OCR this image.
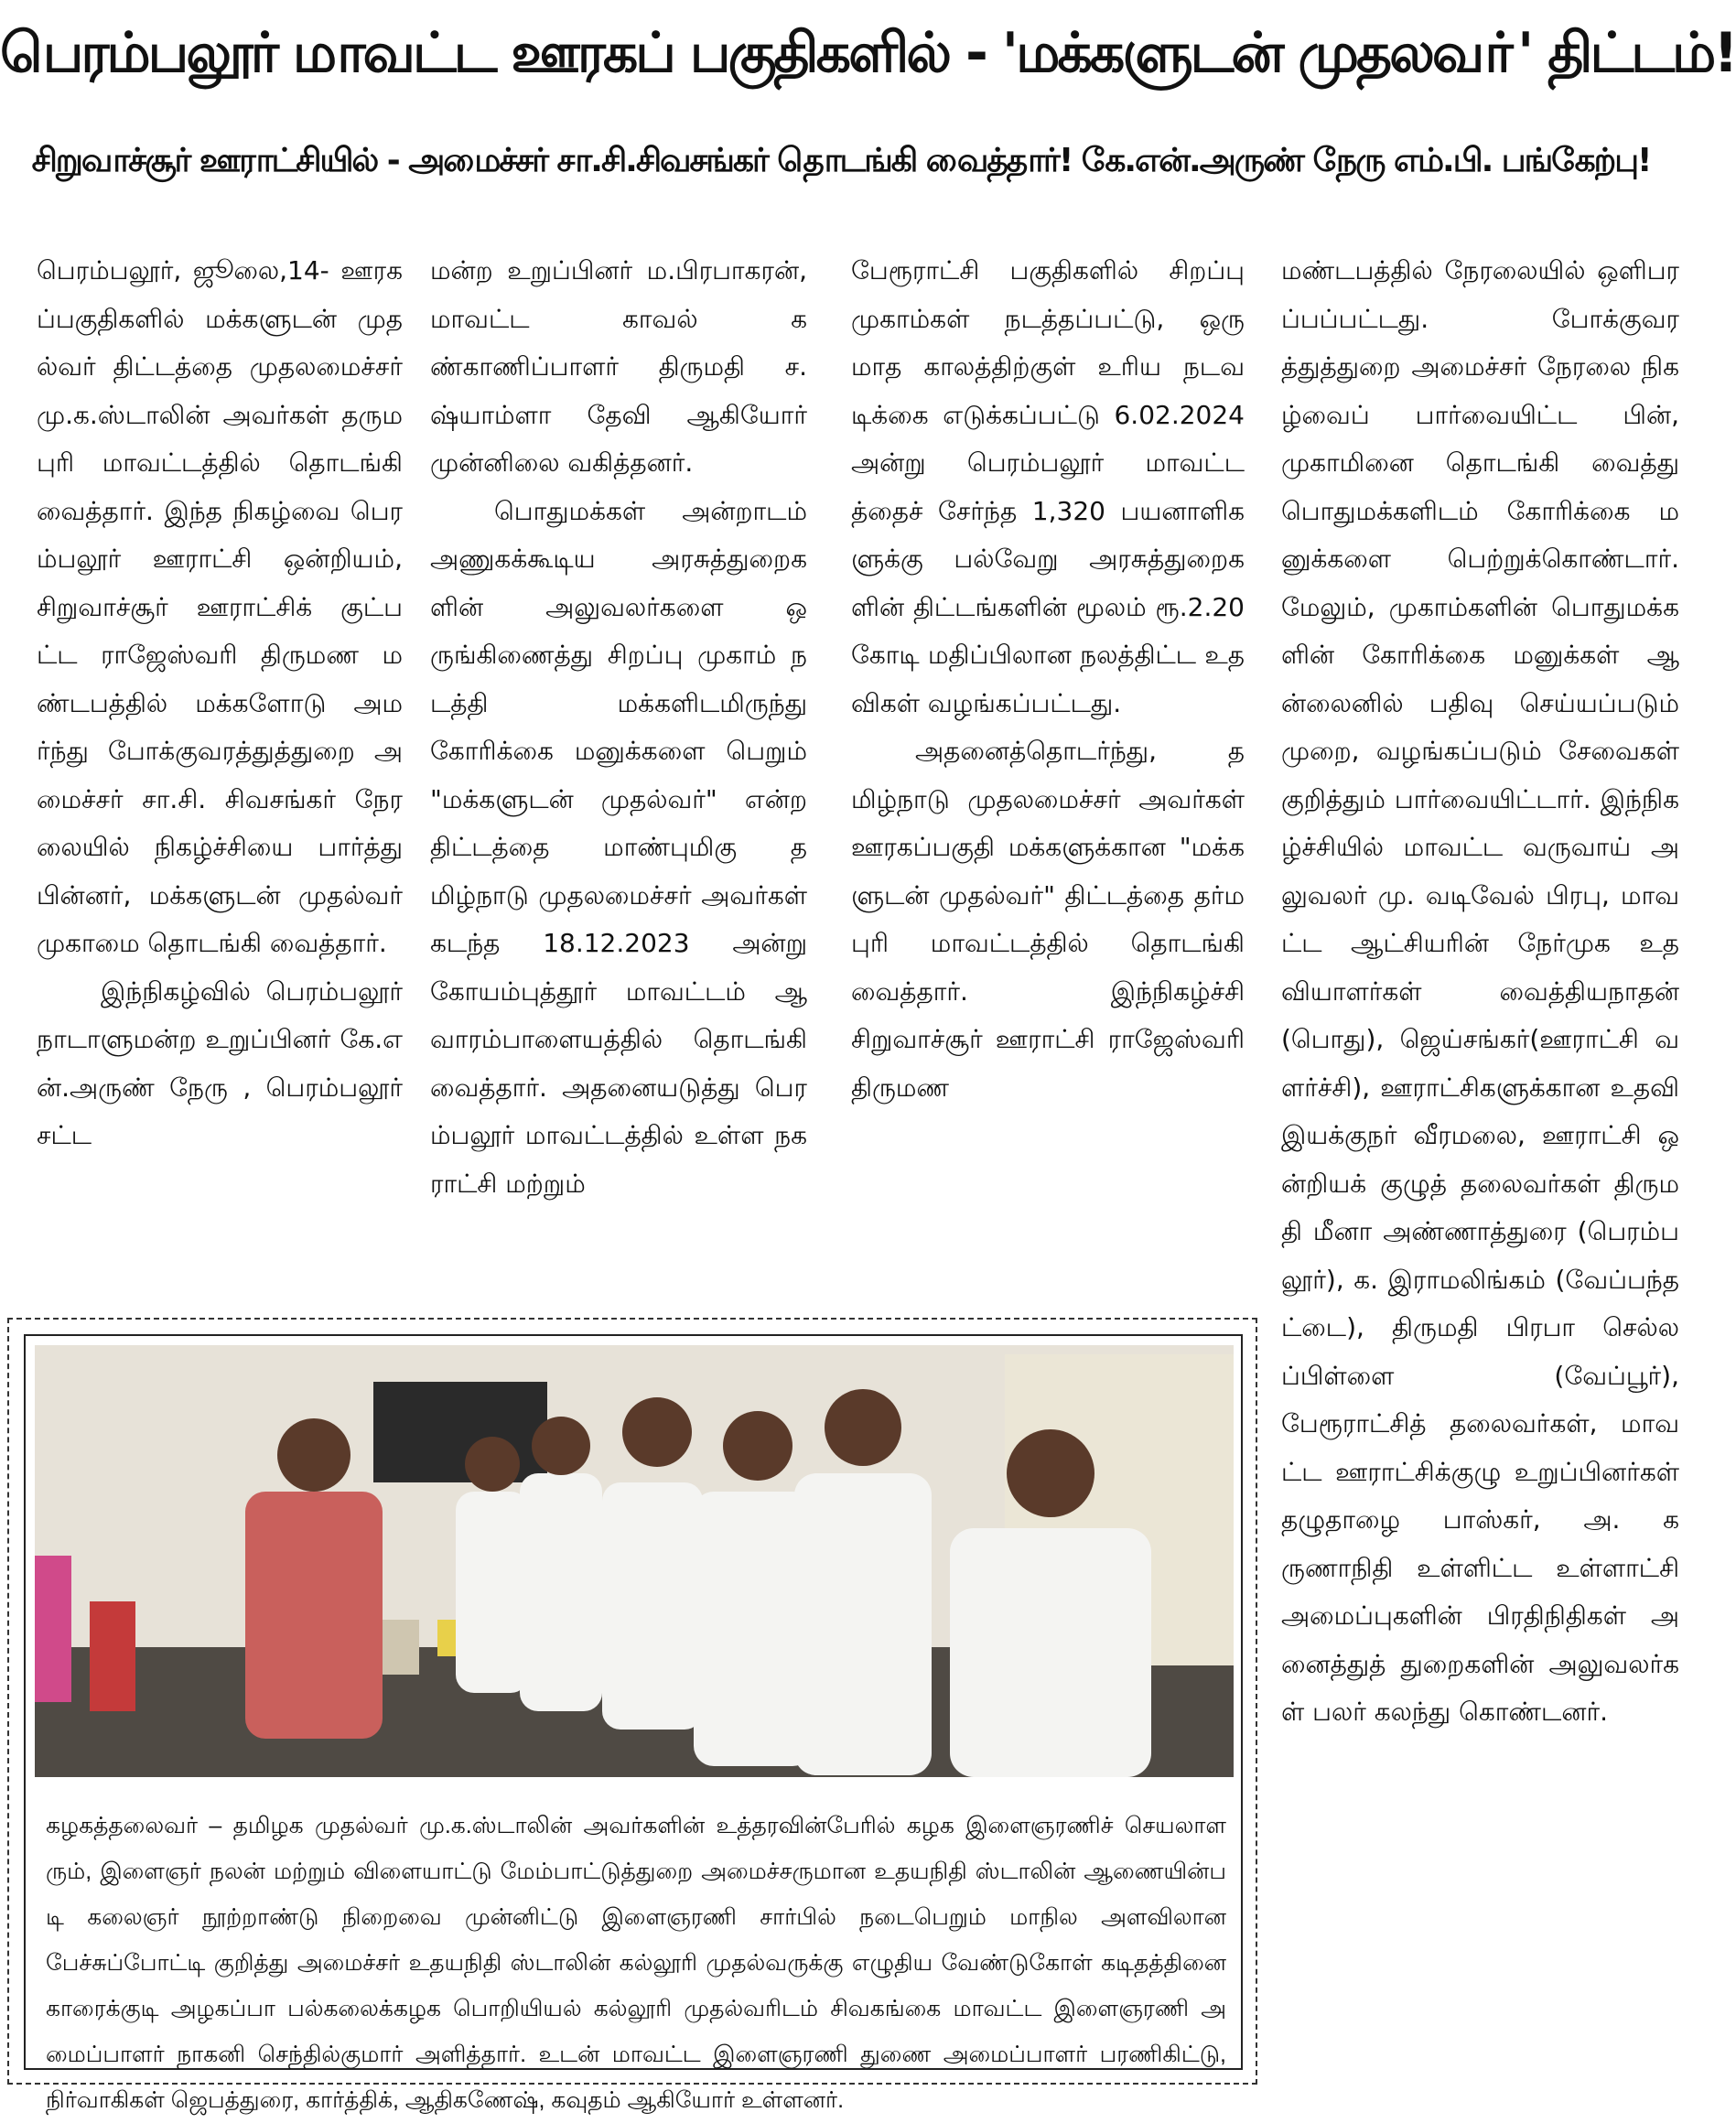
பெரம்பலூர் மாவட்ட ஊரகப் பகுதிகளில் - 'மக்களுடன் முதலவா்' திட்டம்!
சிறுவாச்சூர் ஊராட்சியில் - அமைச்சர் சா.சி.சிவசங்கர் தொடங்கி வைத்தார்! கே.என்.அருண் நேரு எம்.பி. பங்கேற்பு!

பெரம்பலூர், ஜூலை,14- ஊரகப்பகுதிகளில் மக்களுடன் முதல்வர் திட்டத்தை முதலமைச்சர் மு.க.ஸ்டாலின் அவர்கள் தருமபுரி மாவட்டத்தில் தொடங்கி வைத்தார். இந்த நிகழ்வை பெரம்பலூர் ஊராட்சி ஒன்றியம், சிறுவாச்சூர் ஊராட்சிக் குட்பட்ட ராஜேஸ்வரி திருமண மண்டபத்தில் மக்களோடு அமர்ந்து போக்குவரத்துத்துறை அமைச்சர் சா.சி. சிவசங்கர் நேரலையில் நிகழ்ச்சியை பார்த்து பின்னர், மக்களுடன் முதல்வர் முகாமை தொடங்கி வைத்தார்.

இந்நிகழ்வில் பெரம்பலூர் நாடாளுமன்ற உறுப்பினர் கே.என்.அருண் நேரு , பெரம்பலூர் சட்ட

மன்ற உறுப்பினர் ம.பிரபாகரன், மாவட்ட காவல் கண்காணிப்பாளர் திருமதி ச.ஷ்யாம்ளா தேவி ஆகியோர் முன்னிலை வகித்தனர்.

பொதுமக்கள் அன்றாடம் அணுகக்கூடிய அரசுத்துறைகளின் அலுவலர்களை ஒருங்கிணைத்து சிறப்பு முகாம் நடத்தி மக்களிடமிருந்து கோரிக்கை மனுக்களை பெறும் "மக்களுடன் முதல்வர்" என்ற திட்டத்தை மாண்புமிகு தமிழ்நாடு முதலமைச்சர் அவர்கள் கடந்த 18.12.2023 அன்று கோயம்புத்தூர் மாவட்டம் ஆவாரம்பாளையத்தில் தொடங்கி வைத்தார். அதனையடுத்து பெரம்பலூர் மாவட்டத்தில் உள்ள நகராட்சி மற்றும்

பேரூராட்சி பகுதிகளில் சிறப்பு முகாம்கள் நடத்தப்பட்டு, ஒரு மாத காலத்திற்குள் உரிய நடவடிக்கை எடுக்கப்பட்டு 6.02.2024 அன்று பெரம்பலூர் மாவட்டத்தைச் சேர்ந்த 1,320 பயனாளிகளுக்கு பல்வேறு அரசுத்துறைகளின் திட்டங்களின் மூலம் ரூ.2.20 கோடி மதிப்பிலான நலத்திட்ட உதவிகள் வழங்கப்பட்டது.

அதனைத்தொடர்ந்து, தமிழ்நாடு முதலமைச்சர் அவர்கள் ஊரகப்பகுதி மக்களுக்கான "மக்களுடன் முதல்வர்" திட்டத்தை தர்மபுரி மாவட்டத்தில் தொடங்கி வைத்தார். இந்நிகழ்ச்சி சிறுவாச்சூர் ஊராட்சி ராஜேஸ்வரி திருமண

மண்டபத்தில் நேரலையில் ஒளிபரப்பப்பட்டது. போக்குவரத்துத்துறை அமைச்சர் நேரலை நிகழ்வைப் பார்வையிட்ட பின், முகாமினை தொடங்கி வைத்து பொதுமக்களிடம் கோரிக்கை மனுக்களை பெற்றுக்கொண்டார். மேலும், முகாம்களின் பொதுமக்களின் கோரிக்கை மனுக்கள் ஆன்லைனில் பதிவு செய்யப்படும் முறை, வழங்கப்படும் சேவைகள் குறித்தும் பார்வையிட்டார். இந்நிகழ்ச்சியில் மாவட்ட வருவாய் அலுவலர் மு. வடிவேல் பிரபு, மாவட்ட ஆட்சியரின் நேர்முக உதவியாளர்கள் வைத்தியநாதன் (பொது), ஜெய்சங்கர்(ஊராட்சி வளர்ச்சி), ஊராட்சிகளுக்கான உதவி இயக்குநர் வீரமலை, ஊராட்சி ஒன்றியக் குழுத் தலைவர்கள் திருமதி மீனா அண்ணாத்துரை (பெரம்பலூர்), க. இராமலிங்கம் (வேப்பந்தட்டை), திருமதி பிரபா செல்லப்பிள்ளை (வேப்பூர்), பேரூராட்சித் தலைவர்கள், மாவட்ட ஊராட்சிக்குழு உறுப்பினர்கள் தழுதாழை பாஸ்கர், அ. கருணாநிதி உள்ளிட்ட உள்ளாட்சி அமைப்புகளின் பிரதிநிதிகள் அனைத்துத் துறைகளின் அலுவலர்கள் பலர் கலந்து கொண்டனர்.

கழகத்தலைவர் – தமிழக முதல்வர் மு.க.ஸ்டாலின் அவர்களின் உத்தரவின்பேரில் கழக இளைஞரணிச் செயலாளரும், இளைஞர் நலன் மற்றும் விளையாட்டு மேம்பாட்டுத்துறை அமைச்சருமான உதயநிதி ஸ்டாலின் ஆணையின்படி கலைஞர் நூற்றாண்டு நிறைவை முன்னிட்டு இளைஞரணி சார்பில் நடைபெறும் மாநில அளவிலான பேச்சுப்போட்டி குறித்து அமைச்சர் உதயநிதி ஸ்டாலின் கல்லூரி முதல்வருக்கு எழுதிய வேண்டுகோள் கடிதத்தினை காரைக்குடி அழகப்பா பல்கலைக்கழக பொறியியல் கல்லூரி முதல்வரிடம் சிவகங்கை மாவட்ட இளைஞரணி அமைப்பாளர் நாகனி செந்தில்குமார் அளித்தார். உடன் மாவட்ட இளைஞரணி துணை அமைப்பாளர் பரணிகிட்டு, நிர்வாகிகள் ஜெபத்துரை, கார்த்திக், ஆதிகணேஷ், கவுதம் ஆகியோர் உள்ளனர்.
